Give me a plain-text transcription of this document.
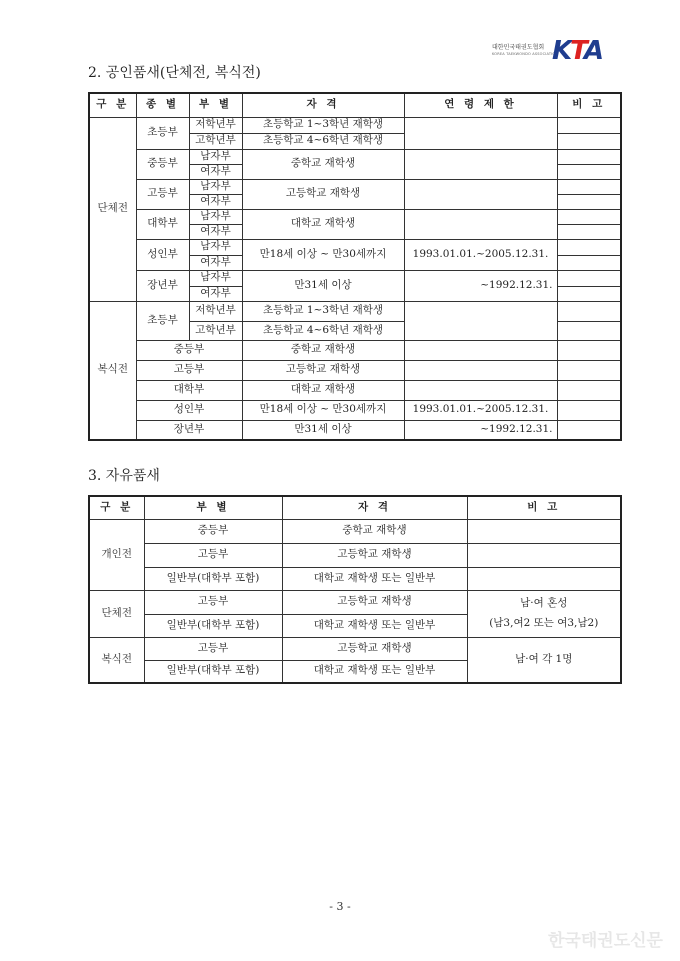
대한민국태권도협회
KOREA TAEKWONDO ASSOCIATION
KTA
2. 공인품새(단체전, 복식전)
구 분	종 별	부 별	자 격	연 령 제 한	비 고
단체전	초등부	저학년부	초등학교 1~3학년 재학생		
		고학년부	초등학교 4~6학년 재학생		
	중등부	남자부	중학교 재학생		
		여자부			
	고등부	남자부	고등학교 재학생		
		여자부			
	대학부	남자부	대학교 재학생		
		여자부			
	성인부	남자부	만18세 이상 ~ 만30세까지	1993.01.01.~2005.12.31.	
		여자부			
	장년부	남자부	만31세 이상	~1992.12.31.	
		여자부			
복식전	초등부	저학년부	초등학교 1~3학년 재학생		
		고학년부	초등학교 4~6학년 재학생		
	중등부		중학교 재학생		
	고등부		고등학교 재학생		
	대학부		대학교 재학생		
	성인부		만18세 이상 ~ 만30세까지	1993.01.01.~2005.12.31.	
	장년부		만31세 이상	~1992.12.31.	
3. 자유품새
구 분	부 별	자 격	비 고
개인전	중등부	중학교 재학생	
	고등부	고등학교 재학생	
	일반부(대학부 포함)	대학교 재학생 또는 일반부	
단체전	고등부	고등학교 재학생	남·여 혼성
(남3,여2 또는 여3,남2)
	일반부(대학부 포함)	대학교 재학생 또는 일반부	
복식전	고등부	고등학교 재학생	남·여 각 1명
	일반부(대학부 포함)	대학교 재학생 또는 일반부	
- 3 -
한국태권도신문
